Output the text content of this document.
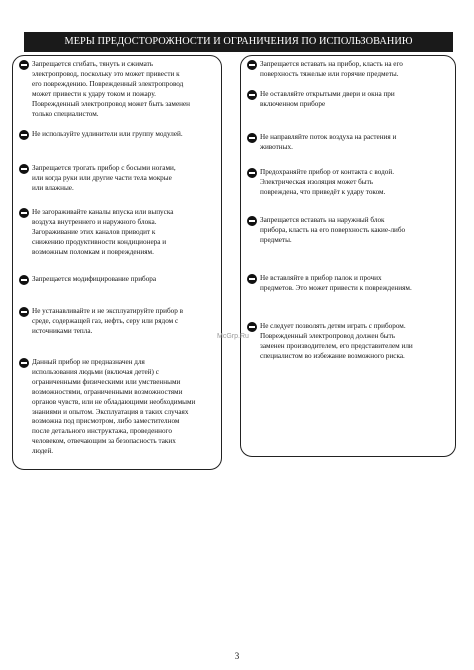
МЕРЫ ПРЕДОСТОРОЖНОСТИ И ОГРАНИЧЕНИЯ ПО ИСПОЛЬЗОВАНИЮ
Запрещается сгибать, тянуть и сжимать
электропровод, поскольку это может привести к
его повреждению. Поврежденный электропровод
может привести к удару током и пожару.
Поврежденный электропровод может быть заменен
только специалистом.
Не используйте удлинители или группу модулей.
Запрещается трогать прибор с босыми ногами,
или когда руки или другие части тела мокрые
или влажные.
Не загораживайте каналы впуска или выпуска
воздуха внутреннего и наружного блока.
Загораживание этих каналов приводит к
снижению продуктивности кондиционера и
возможным поломкам и повреждениям.
Запрещается модифицирование прибора
Не устанавливайте и не эксплуатируйте прибор в
среде, содержащей газ, нефть, серу или рядом с
источниками тепла.
Данный прибор не предназначен для
использования людьми (включая детей) с
ограниченными физическими или умственными
возможностями, ограниченными возможностями
органов чувств, или не обладающими необходимыми
знаниями и опытом. Эксплуатация в таких случаях
возможна под присмотром, либо заместителном
после детального инструктажа, проведенного
человеком, отвечающим за безопасность таких
людей.
Запрещается вставать на прибор, класть на его
поверхность тяжелые или горячие предметы.
Не оставляйте открытыми двери и окна при
включенном приборе
Не направляйте поток воздуха на растения и
животных.
Предохраняйте прибор от контакта с водой.
Электрическая изоляция может быть
повреждена, что приведёт к удару током.
Запрещается вставать на наружный блок
прибора, класть на его поверхность какие-либо
предметы.
Не вставляйте в прибор палок и прочих
предметов. Это может привести к повреждениям.
Не следует позволять детям играть с прибором.
Поврежденный электропровод должен быть
заменен производителем, его представителем или
специалистом во избежание возможного риска.
McGrp.Ru
3
